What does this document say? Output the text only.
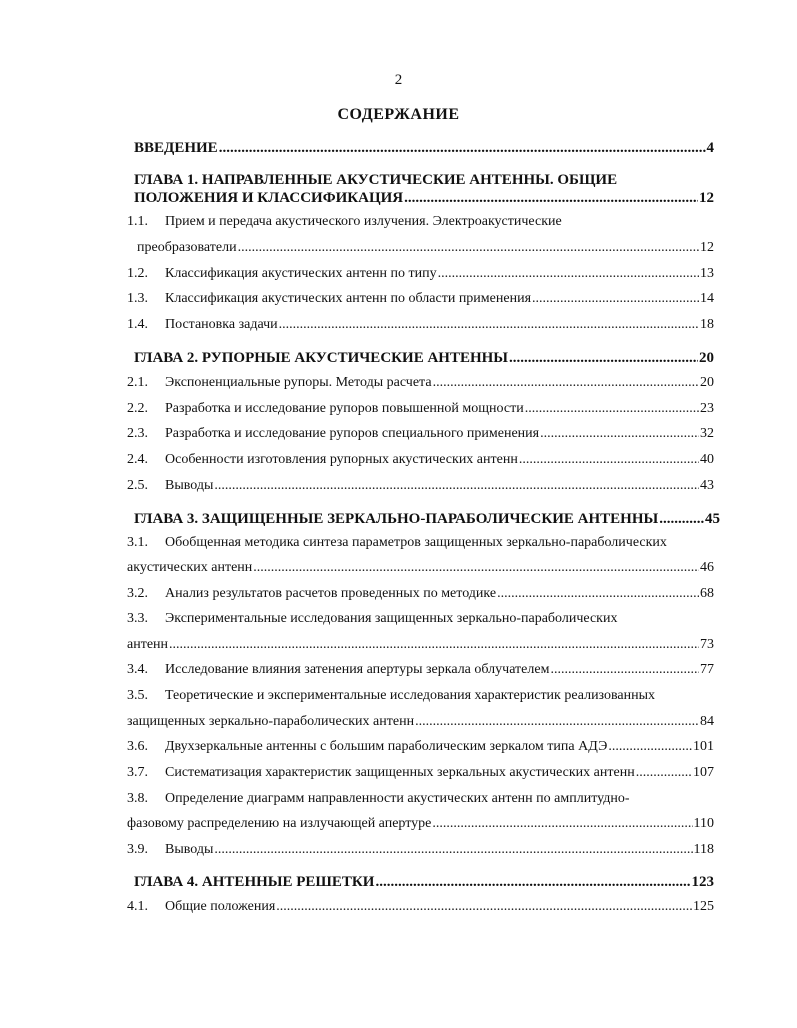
2
СОДЕРЖАНИЕ
ВВЕДЕНИЕ .....	4
ГЛАВА 1. НАПРАВЛЕННЫЕ АКУСТИЧЕСКИЕ АНТЕННЫ. ОБЩИЕ
ПОЛОЖЕНИЯ И КЛАССИФИКАЦИЯ .....	12
1.1. Прием и передача акустического излучения. Электроакустические
преобразователи .....	12
1.2. Классификация акустических антенн по типу .....	13
1.3. Классификация акустических антенн по области применения .....	14
1.4. Постановка задачи .....	18
ГЛАВА 2. РУПОРНЫЕ АКУСТИЧЕСКИЕ АНТЕННЫ .....	20
2.1. Экспоненциальные рупоры. Методы расчета .....	20
2.2. Разработка и исследование рупоров повышенной мощности .....	23
2.3. Разработка и исследование рупоров специального применения .....	32
2.4. Особенности изготовления рупорных акустических антенн .....	40
2.5. Выводы .....	43
ГЛАВА 3. ЗАЩИЩЕННЫЕ ЗЕРКАЛЬНО-ПАРАБОЛИЧЕСКИЕ АНТЕННЫ .....	45
3.1. Обобщенная методика синтеза параметров защищенных зеркально-параболических
акустических антенн .....	46
3.2. Анализ результатов расчетов проведенных по методике .....	68
3.3. Экспериментальные исследования защищенных зеркально-параболических
антенн .....	73
3.4. Исследование влияния затенения апертуры зеркала облучателем .....	77
3.5. Теоретические и экспериментальные исследования характеристик реализованных
защищенных зеркально-параболических антенн .....	84
3.6. Двухзеркальные антенны с большим параболическим зеркалом типа АДЭ .....	101
3.7. Систематизация характеристик защищенных зеркальных акустических антенн .....	107
3.8. Определение диаграмм направленности акустических антенн по амплитудно-
фазовому распределению на излучающей апертуре .....	110
3.9. Выводы .....	118
ГЛАВА 4. АНТЕННЫЕ РЕШЕТКИ .....	123
4.1. Общие положения .....	125
